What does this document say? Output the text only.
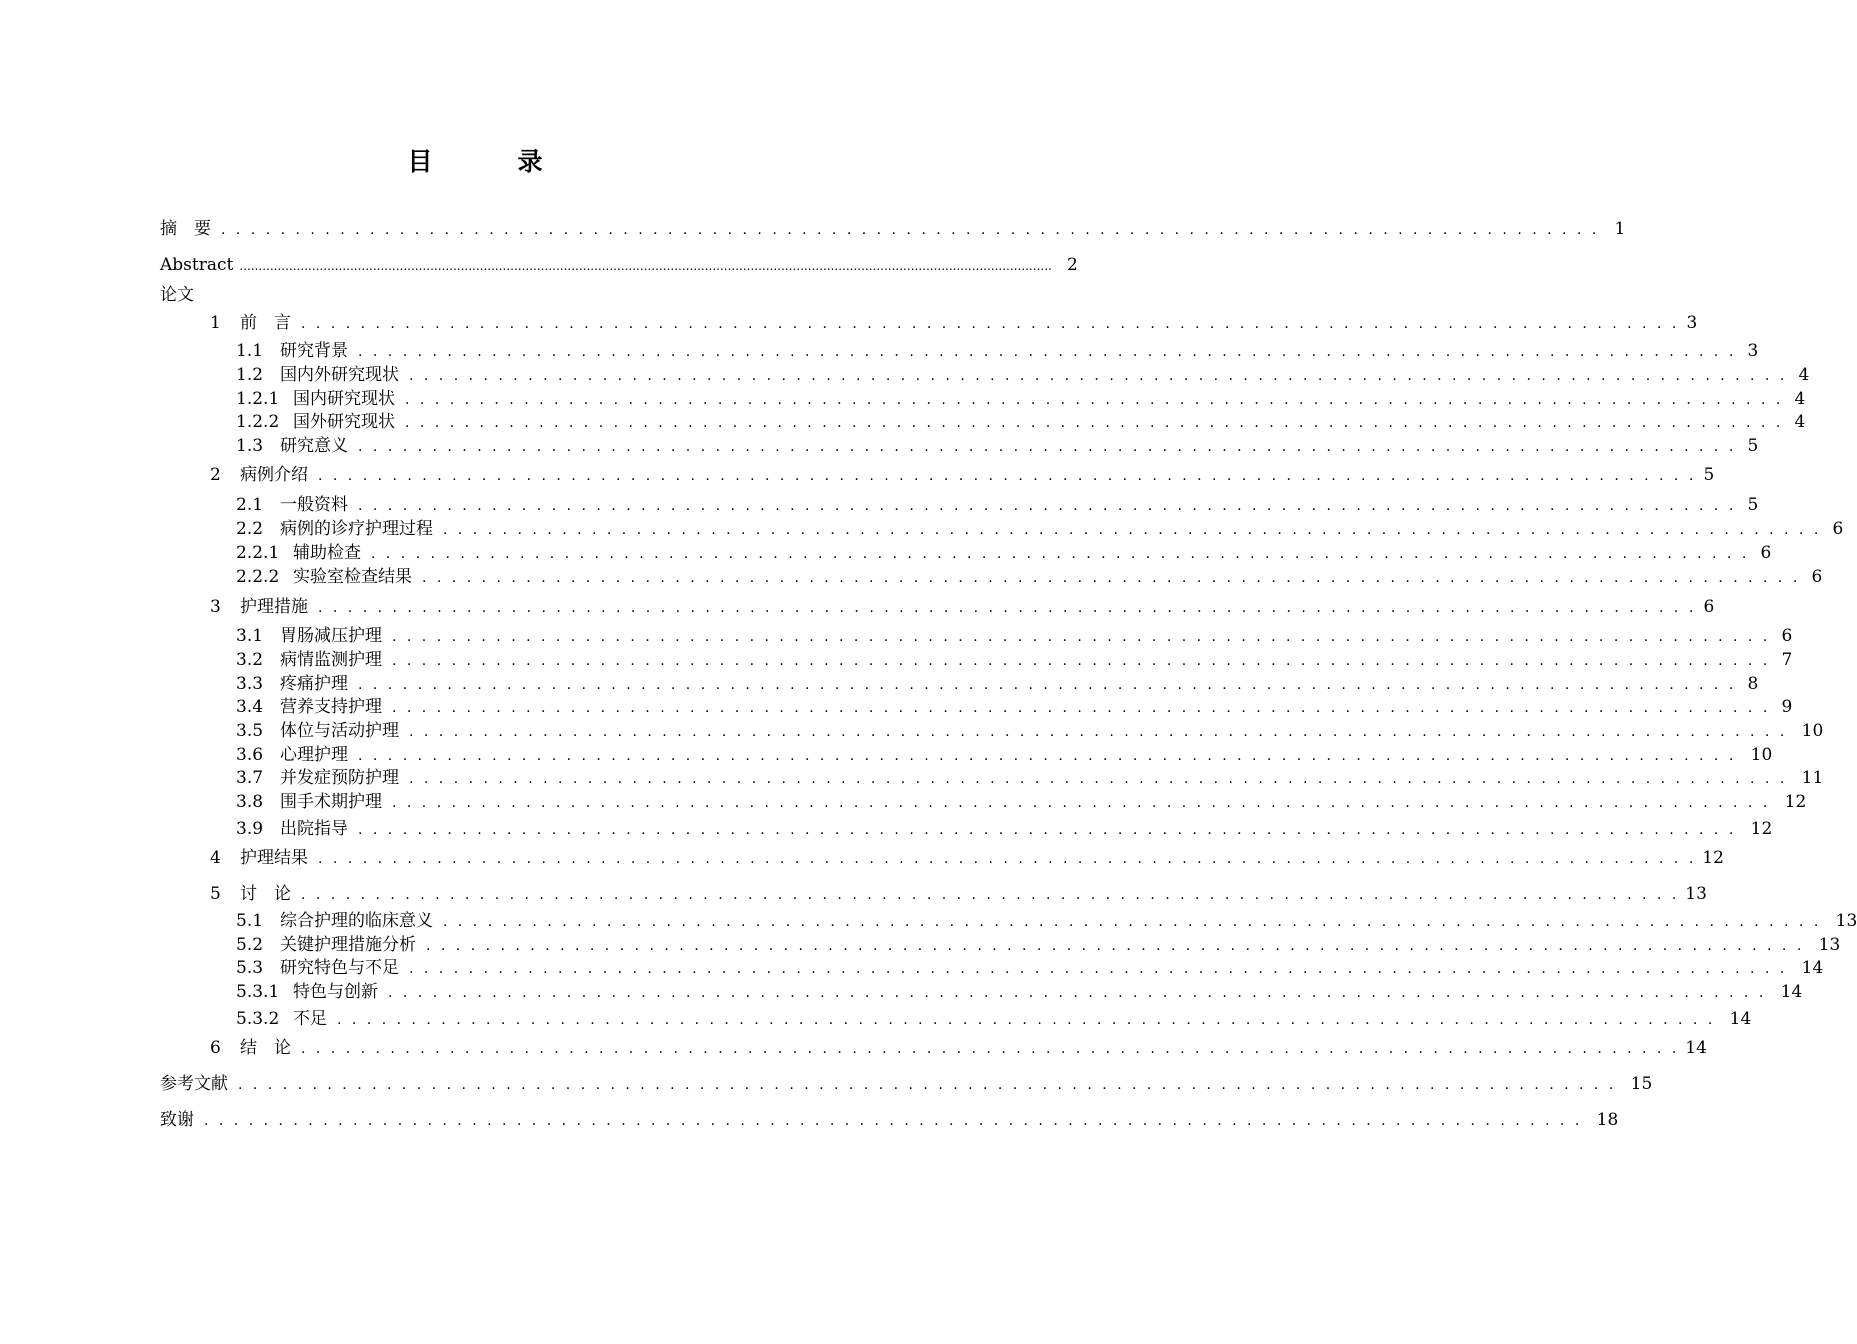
目　录
摘　要 . . . . . . . . . . . . . . . . . . . . . . . . . . . . . . . . . . . . . . . . . . . . . . . . . . . . . . . . . . . . . . . . . . . . . . . . . . . . . . . . . . . . . . . . . . . . . 1
Abstract ..................................................................................................................................................................................................................... 2
论文
1 前　言 . . . . . . . . . . . . . . . . . . . . . . . . . . . . . . . . . . . . . . . . . . . . . . . . . . . . . . . . . . . . . . . . . . . . . . . . . . . . . . . . . . . . . . . . . . . . . 3
1.1 研究背景 . . . . . . . . . . . . . . . . . . . . . . . . . . . . . . . . . . . . . . . . . . . . . . . . . . . . . . . . . . . . . . . . . . . . . . . . . . . . . . . . . . . . . . . . . . . . . 3
1.2 国内外研究现状 . . . . . . . . . . . . . . . . . . . . . . . . . . . . . . . . . . . . . . . . . . . . . . . . . . . . . . . . . . . . . . . . . . . . . . . . . . . . . . . . . . . . . . . . . . . . . 4
1.2.1 国内研究现状 . . . . . . . . . . . . . . . . . . . . . . . . . . . . . . . . . . . . . . . . . . . . . . . . . . . . . . . . . . . . . . . . . . . . . . . . . . . . . . . . . . . . . . . . . . . . . 4
1.2.2 国外研究现状 . . . . . . . . . . . . . . . . . . . . . . . . . . . . . . . . . . . . . . . . . . . . . . . . . . . . . . . . . . . . . . . . . . . . . . . . . . . . . . . . . . . . . . . . . . . . . 4
1.3 研究意义 . . . . . . . . . . . . . . . . . . . . . . . . . . . . . . . . . . . . . . . . . . . . . . . . . . . . . . . . . . . . . . . . . . . . . . . . . . . . . . . . . . . . . . . . . . . . . 5
2 病例介绍 . . . . . . . . . . . . . . . . . . . . . . . . . . . . . . . . . . . . . . . . . . . . . . . . . . . . . . . . . . . . . . . . . . . . . . . . . . . . . . . . . . . . . . . . . . . . . 5
2.1 一般资料 . . . . . . . . . . . . . . . . . . . . . . . . . . . . . . . . . . . . . . . . . . . . . . . . . . . . . . . . . . . . . . . . . . . . . . . . . . . . . . . . . . . . . . . . . . . . . 5
2.2 病例的诊疗护理过程 . . . . . . . . . . . . . . . . . . . . . . . . . . . . . . . . . . . . . . . . . . . . . . . . . . . . . . . . . . . . . . . . . . . . . . . . . . . . . . . . . . . . . . . . . . . . . 6
2.2.1 辅助检查 . . . . . . . . . . . . . . . . . . . . . . . . . . . . . . . . . . . . . . . . . . . . . . . . . . . . . . . . . . . . . . . . . . . . . . . . . . . . . . . . . . . . . . . . . . . . . 6
2.2.2 实验室检查结果 . . . . . . . . . . . . . . . . . . . . . . . . . . . . . . . . . . . . . . . . . . . . . . . . . . . . . . . . . . . . . . . . . . . . . . . . . . . . . . . . . . . . . . . . . . . . . 6
3 护理措施 . . . . . . . . . . . . . . . . . . . . . . . . . . . . . . . . . . . . . . . . . . . . . . . . . . . . . . . . . . . . . . . . . . . . . . . . . . . . . . . . . . . . . . . . . . . . . 6
3.1 胃肠减压护理 . . . . . . . . . . . . . . . . . . . . . . . . . . . . . . . . . . . . . . . . . . . . . . . . . . . . . . . . . . . . . . . . . . . . . . . . . . . . . . . . . . . . . . . . . . . . . 6
3.2 病情监测护理 . . . . . . . . . . . . . . . . . . . . . . . . . . . . . . . . . . . . . . . . . . . . . . . . . . . . . . . . . . . . . . . . . . . . . . . . . . . . . . . . . . . . . . . . . . . . . 7
3.3 疼痛护理 . . . . . . . . . . . . . . . . . . . . . . . . . . . . . . . . . . . . . . . . . . . . . . . . . . . . . . . . . . . . . . . . . . . . . . . . . . . . . . . . . . . . . . . . . . . . . 8
3.4 营养支持护理 . . . . . . . . . . . . . . . . . . . . . . . . . . . . . . . . . . . . . . . . . . . . . . . . . . . . . . . . . . . . . . . . . . . . . . . . . . . . . . . . . . . . . . . . . . . . . 9
3.5 体位与活动护理 . . . . . . . . . . . . . . . . . . . . . . . . . . . . . . . . . . . . . . . . . . . . . . . . . . . . . . . . . . . . . . . . . . . . . . . . . . . . . . . . . . . . . . . . . . . . . 10
3.6 心理护理 . . . . . . . . . . . . . . . . . . . . . . . . . . . . . . . . . . . . . . . . . . . . . . . . . . . . . . . . . . . . . . . . . . . . . . . . . . . . . . . . . . . . . . . . . . . . . 10
3.7 并发症预防护理 . . . . . . . . . . . . . . . . . . . . . . . . . . . . . . . . . . . . . . . . . . . . . . . . . . . . . . . . . . . . . . . . . . . . . . . . . . . . . . . . . . . . . . . . . . . . . 11
3.8 围手术期护理 . . . . . . . . . . . . . . . . . . . . . . . . . . . . . . . . . . . . . . . . . . . . . . . . . . . . . . . . . . . . . . . . . . . . . . . . . . . . . . . . . . . . . . . . . . . . . 12
3.9 出院指导 . . . . . . . . . . . . . . . . . . . . . . . . . . . . . . . . . . . . . . . . . . . . . . . . . . . . . . . . . . . . . . . . . . . . . . . . . . . . . . . . . . . . . . . . . . . . . 12
4 护理结果 . . . . . . . . . . . . . . . . . . . . . . . . . . . . . . . . . . . . . . . . . . . . . . . . . . . . . . . . . . . . . . . . . . . . . . . . . . . . . . . . . . . . . . . . . . . . . 12
5 讨　论 . . . . . . . . . . . . . . . . . . . . . . . . . . . . . . . . . . . . . . . . . . . . . . . . . . . . . . . . . . . . . . . . . . . . . . . . . . . . . . . . . . . . . . . . . . . . . 13
5.1 综合护理的临床意义 . . . . . . . . . . . . . . . . . . . . . . . . . . . . . . . . . . . . . . . . . . . . . . . . . . . . . . . . . . . . . . . . . . . . . . . . . . . . . . . . . . . . . . . . . . . . . 13
5.2 关键护理措施分析 . . . . . . . . . . . . . . . . . . . . . . . . . . . . . . . . . . . . . . . . . . . . . . . . . . . . . . . . . . . . . . . . . . . . . . . . . . . . . . . . . . . . . . . . . . . . . 13
5.3 研究特色与不足 . . . . . . . . . . . . . . . . . . . . . . . . . . . . . . . . . . . . . . . . . . . . . . . . . . . . . . . . . . . . . . . . . . . . . . . . . . . . . . . . . . . . . . . . . . . . . 14
5.3.1 特色与创新 . . . . . . . . . . . . . . . . . . . . . . . . . . . . . . . . . . . . . . . . . . . . . . . . . . . . . . . . . . . . . . . . . . . . . . . . . . . . . . . . . . . . . . . . . . . . . 14
5.3.2 不足 . . . . . . . . . . . . . . . . . . . . . . . . . . . . . . . . . . . . . . . . . . . . . . . . . . . . . . . . . . . . . . . . . . . . . . . . . . . . . . . . . . . . . . . . . . . . . 14
6 结　论 . . . . . . . . . . . . . . . . . . . . . . . . . . . . . . . . . . . . . . . . . . . . . . . . . . . . . . . . . . . . . . . . . . . . . . . . . . . . . . . . . . . . . . . . . . . . . 14
参考文献 . . . . . . . . . . . . . . . . . . . . . . . . . . . . . . . . . . . . . . . . . . . . . . . . . . . . . . . . . . . . . . . . . . . . . . . . . . . . . . . . . . . . . . . . . . . . . 15
致谢 . . . . . . . . . . . . . . . . . . . . . . . . . . . . . . . . . . . . . . . . . . . . . . . . . . . . . . . . . . . . . . . . . . . . . . . . . . . . . . . . . . . . . . . . . . . . . 18
